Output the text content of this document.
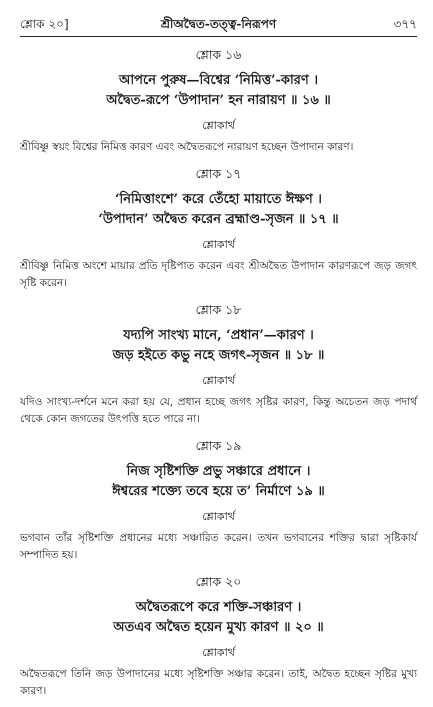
শ্লোক ২০]	শ্রীঅদ্বৈত-তত্ত্ব-নিরূপণ	৩৭৭
শ্লোক ১৬
আপনে পুরুষ—বিশ্বের ‘নিমিত্ত’-কারণ ।
অদ্বৈত-রূপে ‘উপাদান’ হন নারায়ণ ॥ ১৬ ॥
শ্লোকার্থ
শ্রীবিষ্ণু স্বয়ং বিশ্বের নিমিত্ত কারণ এবং অদ্বৈতরূপে নারায়ণ হচ্ছেন উপাদান কারণ।
শ্লোক ১৭
‘নিমিত্তাংশে’ করে তেঁহো মায়াতে ঈক্ষণ ।
‘উপাদান’ অদ্বৈত করেন ব্রহ্মাণ্ড-সৃজন ॥ ১৭ ॥
শ্লোকার্থ
শ্রীবিষ্ণু নিমিত্ত অংশে মায়ার প্রতি দৃষ্টিপাত করেন এবং শ্রীঅদ্বৈত উপাদান কারণরূপে জড় জগৎ সৃষ্টি করেন।
শ্লোক ১৮
যদ্যপি সাংখ্য মানে, ‘প্রধান’—কারণ ।
জড় হইতে কভু নহে জগৎ-সৃজন ॥ ১৮ ॥
শ্লোকার্থ
যদিও সাংখ্য-দর্শনে মনে করা হয় যে, প্রধান হচ্ছে জগৎ সৃষ্টির কারণ, কিন্তু অচেতন জড় পদার্থ থেকে কোন জগতের উৎপত্তি হতে পারে না।
শ্লোক ১৯
নিজ সৃষ্টিশক্তি প্রভু সঞ্চারে প্রধানে ।
ঈশ্বরের শক্ত্যে তবে হয়ে ত’ নির্মাণে ১৯ ॥
শ্লোকার্থ
ভগবান তাঁর সৃষ্টিশক্তি প্রধানের মধ্যে সঞ্চারিত করেন। তখন ভগবানের শক্তির দ্বারা সৃষ্টিকার্য সম্পাদিত হয়।
শ্লোক ২০
অদ্বৈতরূপে করে শক্তি-সঞ্চারণ ।
অতএব অদ্বৈত হয়েন মুখ্য কারণ ॥ ২০ ॥
শ্লোকার্থ
অদ্বৈতরূপে তিনি জড় উপাদানের মধ্যে সৃষ্টিশক্তি সঞ্চার করেন। তাই, অদ্বৈত হচ্ছেন সৃষ্টির মুখ্য কারণ।
